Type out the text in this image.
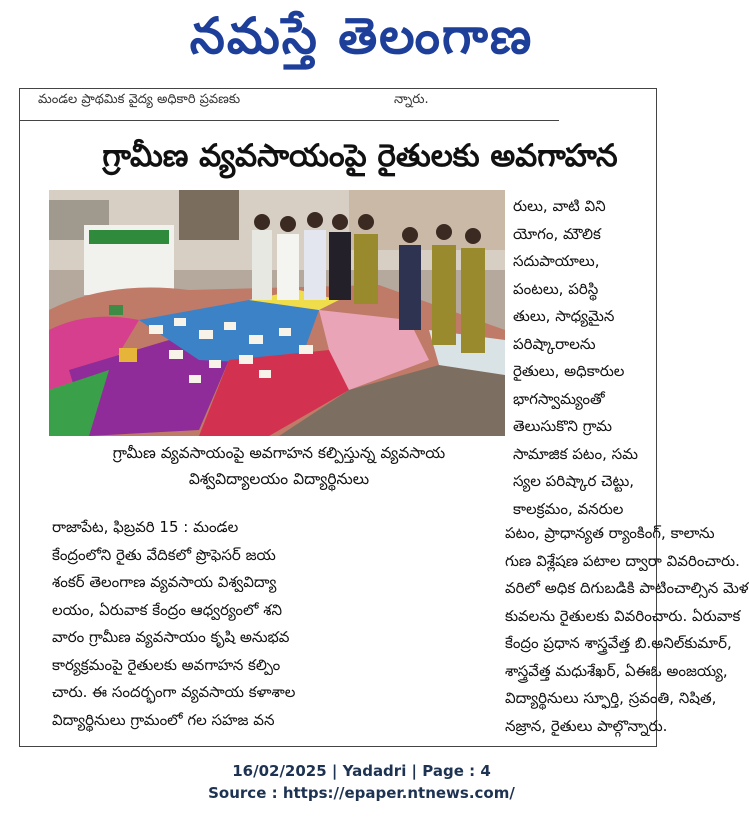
నమస్తే తెలంగాణ
మండల ప్రాథమిక వైద్య అధికారి ప్రవణకు	న్నారు.
గ్రామీణ వ్యవసాయంపై రైతులకు అవగాహన
గ్రామీణ వ్యవసాయంపై అవగాహన కల్పిస్తున్న వ్యవసాయ
విశ్వవిద్యాలయం విద్యార్థినులు
రాజాపేట, ఫిబ్రవరి 15 : మండల
కేంద్రంలోని రైతు వేదికలో ప్రొఫెసర్ జయ
శంకర్ తెలంగాణ వ్యవసాయ విశ్వవిద్యా
లయం, ఏరువాక కేంద్రం ఆధ్వర్యంలో శని
వారం గ్రామీణ వ్యవసాయం కృషి అనుభవ
కార్యక్రమంపై రైతులకు అవగాహన కల్పిం
చారు. ఈ సందర్భంగా వ్యవసాయ కళాశాల
విద్యార్థినులు గ్రామంలో గల సహజ వన
రులు, వాటి విని
యోగం, మౌలిక
సదుపాయాలు,
పంటలు, పరిస్థి
తులు, సాధ్యమైన
పరిష్కారాలను
రైతులు, అధికారుల
భాగస్వామ్యంతో
తెలుసుకొని గ్రామ
సామాజిక పటం, సమ
స్యల పరిష్కార చెట్టు,
కాలక్రమం, వనరుల
పటం, ప్రాధాన్యత ర్యాంకింగ్, కాలాను
గుణ విశ్లేషణ పటాల ద్వారా వివరించారు.
వరిలో అధిక దిగుబడికి పాటించాల్సిన మెళ
కువలను రైతులకు వివరించారు. ఏరువాక
కేంద్రం ప్రధాన శాస్త్రవేత్త బి.అనిల్‌కుమార్,
శాస్త్రవేత్త మధుశేఖర్, ఏఈఓ అంజయ్య,
విద్యార్థినులు స్ఫూర్తి, స్రవంతి, నిషిత,
నజ్రాన, రైతులు పాల్గొన్నారు.
16/02/2025 | Yadadri | Page : 4
Source : https://epaper.ntnews.com/
